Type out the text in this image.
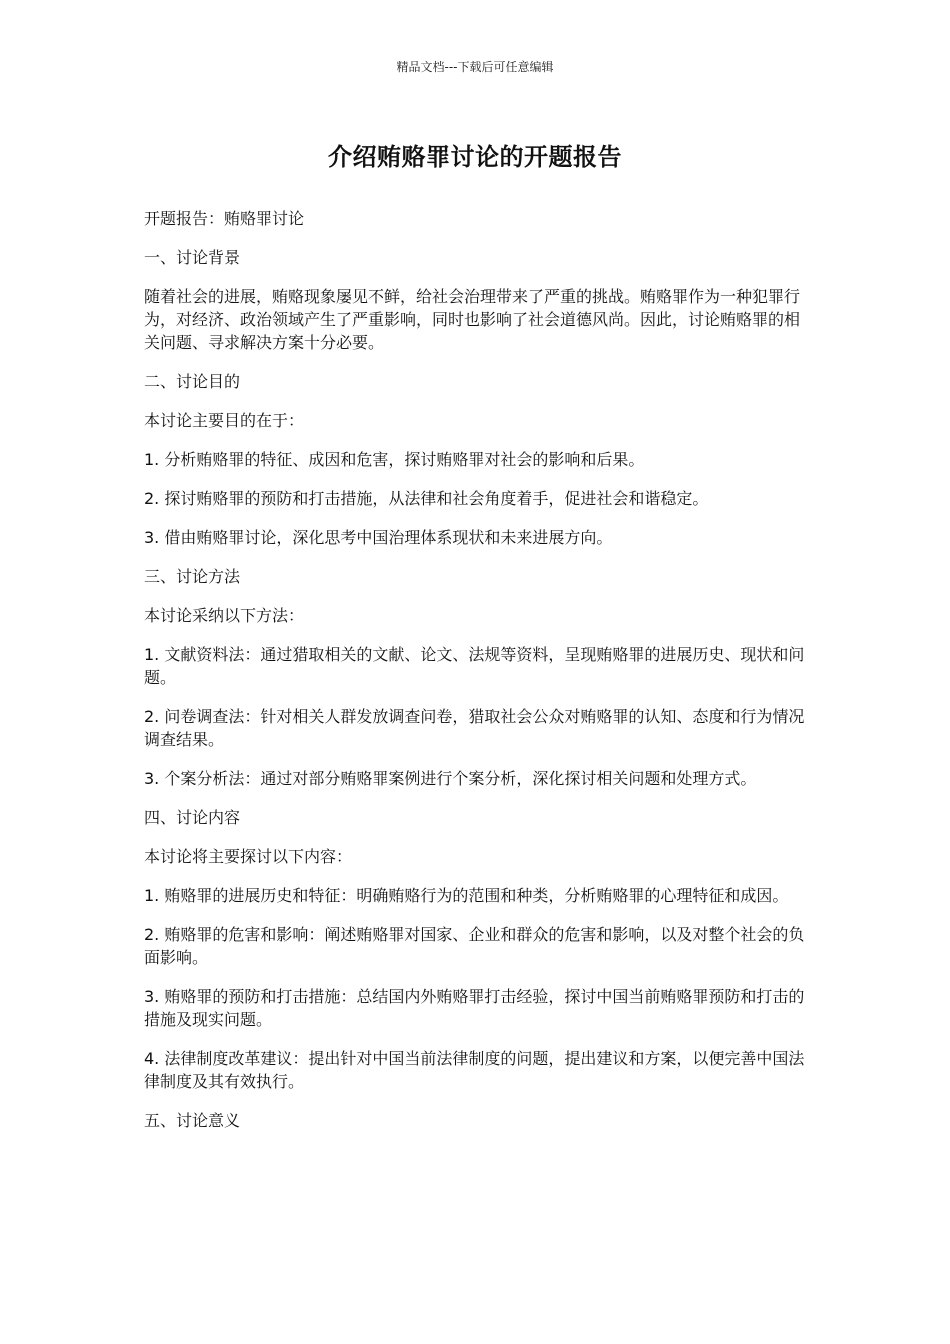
精品文档---下载后可任意编辑
介绍贿赂罪讨论的开题报告

开题报告：贿赂罪讨论

一、讨论背景

随着社会的进展，贿赂现象屡见不鲜，给社会治理带来了严重的挑战。贿赂罪作为一种犯罪行为，对经济、政治领域产生了严重影响，同时也影响了社会道德风尚。因此，讨论贿赂罪的相关问题、寻求解决方案十分必要。

二、讨论目的

本讨论主要目的在于：

1. 分析贿赂罪的特征、成因和危害，探讨贿赂罪对社会的影响和后果。

2. 探讨贿赂罪的预防和打击措施，从法律和社会角度着手，促进社会和谐稳定。

3. 借由贿赂罪讨论，深化思考中国治理体系现状和未来进展方向。

三、讨论方法

本讨论采纳以下方法：

1. 文献资料法：通过猎取相关的文献、论文、法规等资料，呈现贿赂罪的进展历史、现状和问题。

2. 问卷调查法：针对相关人群发放调查问卷，猎取社会公众对贿赂罪的认知、态度和行为情况调查结果。

3. 个案分析法：通过对部分贿赂罪案例进行个案分析，深化探讨相关问题和处理方式。

四、讨论内容

本讨论将主要探讨以下内容：

1. 贿赂罪的进展历史和特征：明确贿赂行为的范围和种类，分析贿赂罪的心理特征和成因。

2. 贿赂罪的危害和影响：阐述贿赂罪对国家、企业和群众的危害和影响，以及对整个社会的负面影响。

3. 贿赂罪的预防和打击措施：总结国内外贿赂罪打击经验，探讨中国当前贿赂罪预防和打击的措施及现实问题。

4. 法律制度改革建议：提出针对中国当前法律制度的问题，提出建议和方案，以便完善中国法律制度及其有效执行。

五、讨论意义
